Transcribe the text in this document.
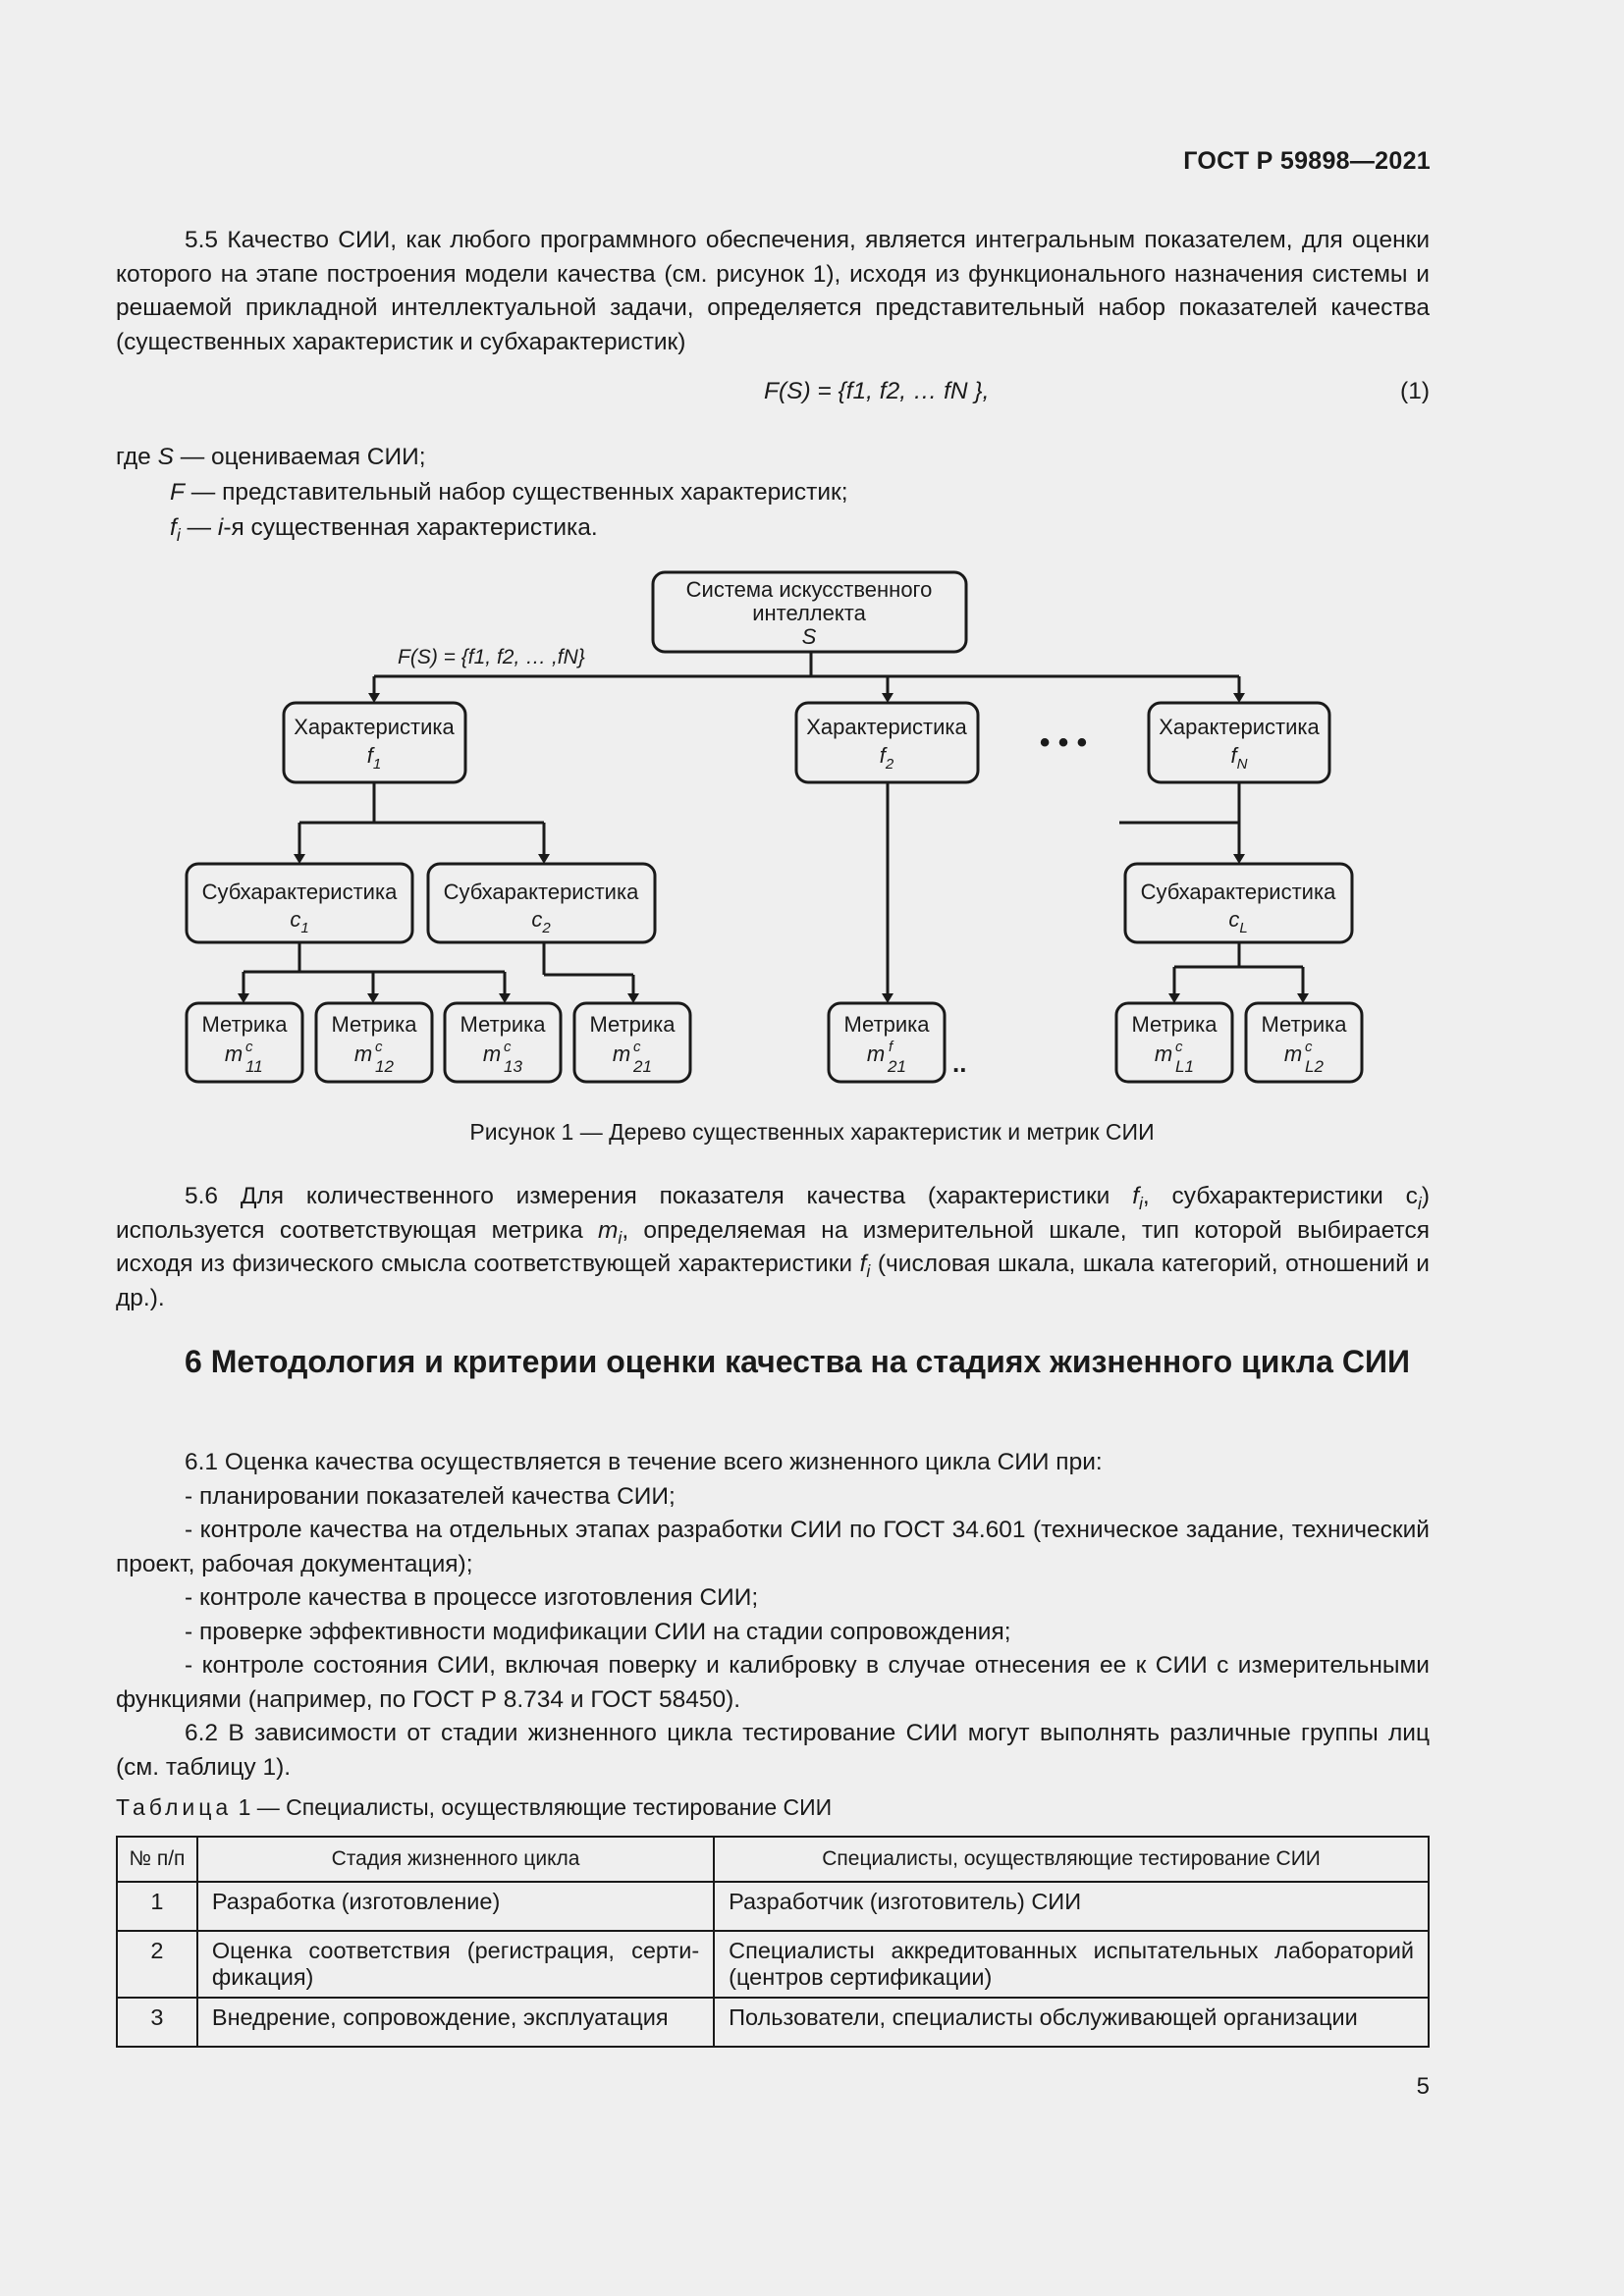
ГОСТ Р 59898—2021
5.5 Качество СИИ, как любого программного обеспечения, является интегральным показателем, для оценки которого на этапе построения модели качества (см. рисунок 1), исходя из функционального назначения системы и решаемой прикладной интеллектуальной задачи, определяется представительный набор показателей качества (существенных характеристик и субхарактеристик)
F(S) = {f1, f2, … fN },	(1)
где S — оцениваемая СИИ;
F — представительный набор существенных характеристик;
$f_i$ — i-я существенная характеристика.
Система искусственного
интеллекта
S
F(S) = {f1, f2, … ,fN}
Характеристика
$f_1$
Характеристика
$f_2$
• • •	Характеристика
$f_N$
Субхарактеристика
$c_1$
Субхарактеристика
$c_2$
Субхарактеристика
$c_L$
Метрика
m c
11
Метрика
m c
12
Метрика
m c
13
Метрика
m c
21
Метрика
m f
21 ..
Метрика
m c
L1
Метрика
m c
L2
Рисунок 1 — Дерево существенных характеристик и метрик СИИ
5.6 Для количественного измерения показателя качества (характеристики $f_i$, субхарактеристики $c_i$) используется соответствующая метрика $m_i$, определяемая на измерительной шкале, тип которой выбирается исходя из физического смысла соответствующей характеристики $f_i$ (числовая шкала, шкала категорий, отношений и др.).
6 Методология и критерии оценки качества на стадиях жизненного цикла СИИ
6.1 Оценка качества осуществляется в течение всего жизненного цикла СИИ при:
- планировании показателей качества СИИ;
- контроле качества на отдельных этапах разработки СИИ по ГОСТ 34.601 (техническое задание, технический проект, рабочая документация);
- контроле качества в процессе изготовления СИИ;
- проверке эффективности модификации СИИ на стадии сопровождения;
- контроле состояния СИИ, включая поверку и калибровку в случае отнесения ее к СИИ с измерительными функциями (например, по ГОСТ Р 8.734 и ГОСТ 58450).
6.2 В зависимости от стадии жизненного цикла тестирование СИИ могут выполнять различные группы лиц (см. таблицу 1).
Таблица 1 — Специалисты, осуществляющие тестирование СИИ
№ п/п	Стадия жизненного цикла	Специалисты, осуществляющие тестирование СИИ
1	Разработка (изготовление)	Разработчик (изготовитель) СИИ
2	Оценка соответствия (регистрация, сертификация)	Специалисты аккредитованных испытательных лабораторий (центров сертификации)
3	Внедрение, сопровождение, эксплуатация	Пользователи, специалисты обслуживающей организации
5
